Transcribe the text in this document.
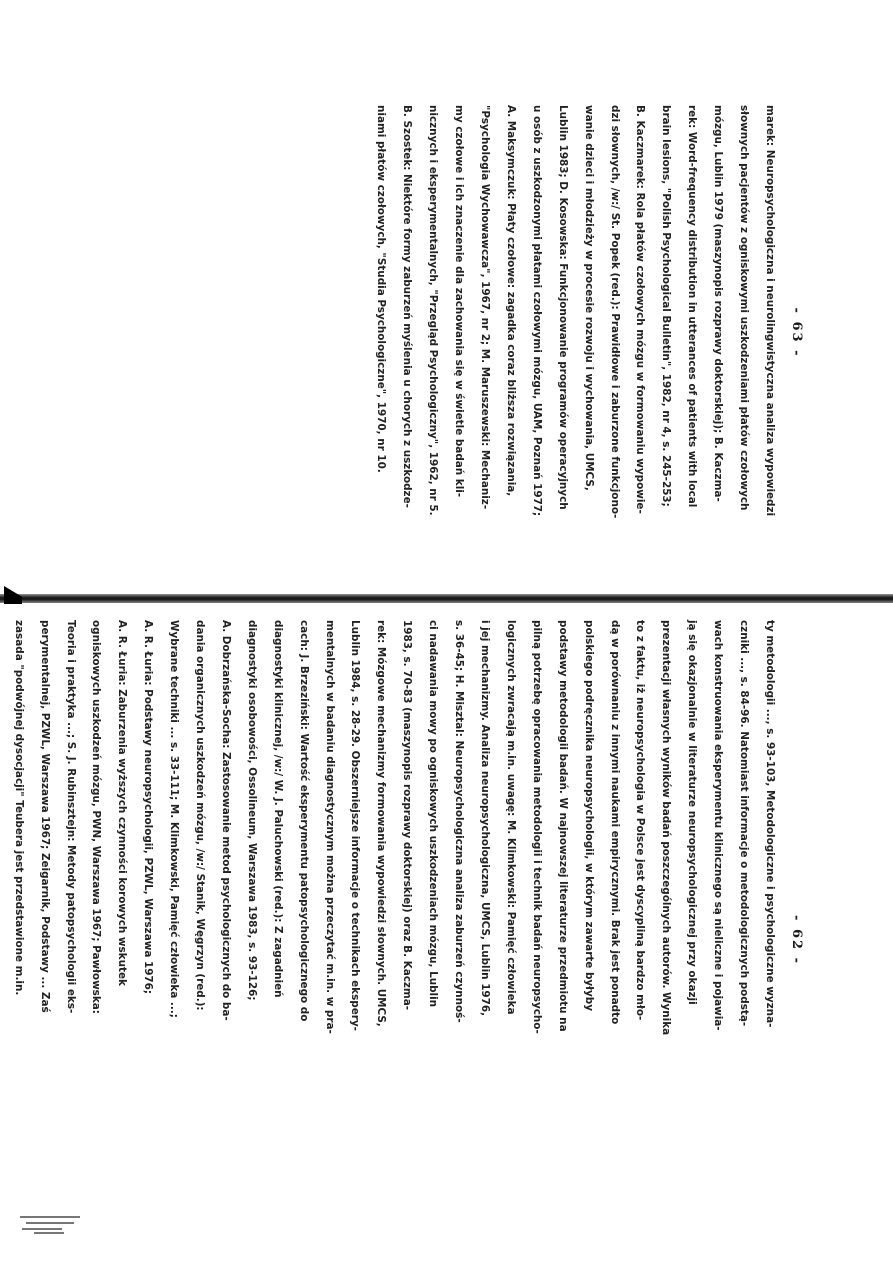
- 62 -
ty metodologii ..., s. 93-103, Metodologiczne i psychologiczne wyzna-
czniki ..., s. 84-96. Natomiast informacje o metodologicznych podstą-
wach konstruowania eksperymentu klinicznego są nieliczne i pojawia-
ją się okazjonalnie w literaturze neuropsychologicznej przy okazji
prezentacji własnych wyników badań poszczególnych autorów. Wynika
to z faktu, iż neuropsychologia w Polsce jest dyscypliną bardzo mło-
dą w porównaniu z innymi naukami empirycznymi. Brak jest ponadto
polskiego podręcznika neuropsychologii, w którym zawarte byłyby
podstawy metodologii badań. W najnowszej literaturze przedmiotu na
pilną potrzebę opracowania metodologii i technik badań neuropsycho-
logicznych zwracają m.in. uwagę: M. Klimkowski: Pamięć człowieka
i jej mechanizmy. Analiza neuropsychologiczna, UMCS, Lublin 1976,
s. 36-45; H. Misztal: Neuropsychologiczna analiza zaburzeń czynnoś-
ci nadawania mowy po ogniskowych uszkodzeniach mózgu, Lublin
1983, s. 70-83 (maszynopis rozprawy doktorskiej) oraz B. Kaczma-
rek: Mózgowe mechanizmy formowania wypowiedzi słownych. UMCS,
Lublin 1984, s. 28-29. Obszerniejsze informacje o technikach ekspery-
mentalnych w badaniu diagnostycznym można przeczytać m.in. w pra-
cach: J. Brzeziński: Wartość eksperymentu patopsychologicznego do
diagnostyki klinicznej, /w:/ W. J. Paluchowski (red.): Z zagadnień
diagnostyki osobowości, Ossolineum, Warszawa 1983, s. 93-126;
A. Dobrzańska-Socha: Zastosowanie metod psychologicznych do ba-
dania organicznych uszkodzeń mózgu, /w:/ Stanik, Węgrzyn (red.):
Wybrane techniki ... s. 33-111; M. Klimkowski, Pamięć człowieka ...;
A. R. Łuria: Podstawy neuropsychologii, PZWL, Warszawa 1976;
A. R. Łuria: Zaburzenia wyższych czynności korowych wskutek
ogniskowych uszkodzeń mózgu, PWN, Warszawa 1967; Pawłowska:
Teoria i praktyka ...; S. J. Rubinsztejn: Metody patopsychologii eks-
perymentalnej, PZWL, Warszawa 1967; Zeigarnik, Podstawy ... Zaś
zasada "podwójnej dysocjacji" Teubera jest przedstawione m.in.
- 63 -
marek: Neuropsychologiczna i neurolingwistyczna analiza wypowiedzi
słownych pacjentów z ogniskowymi uszkodzeniami płatów czołowych
mózgu, Lublin 1979 (maszynopis rozprawy doktorskiej); B. Kaczma-
rek: Word-frequency distribution in utterances of patients with local
brain lesions, "Polish Psychological Bulletin", 1982, nr 4, s. 245-253;
B. Kaczmarek: Rola płatów czołowych mózgu w formowaniu wypowie-
dzi słownych, /w:/ St. Popek (red.): Prawidłowe i zaburzone funkcjono-
wanie dzieci i młodzieży w procesie rozwoju i wychowania, UMCS,
Lublin 1983; D. Kosowska: Funkcjonowanie programów operacyjnych
u osób z uszkodzonymi płatami czołowymi mózgu, UAM, Poznań 1977;
A. Maksymczuk: Płaty czołowe: zagadka coraz bliższa rozwiązania,
"Psychologia Wychowawcza", 1967, nr 2; M. Maruszewski: Mechaniz-
my czołowe i ich znaczenie dla zachowania się w świetle badań kli-
nicznych i eksperymentalnych, "Przegląd Psychologiczny", 1962, nr 5.
B. Szostek: Niektóre formy zaburzeń myślenia u chorych z uszkodze-
niami płatów czołowych, "Studia Psychologiczne", 1970, nr 10.
